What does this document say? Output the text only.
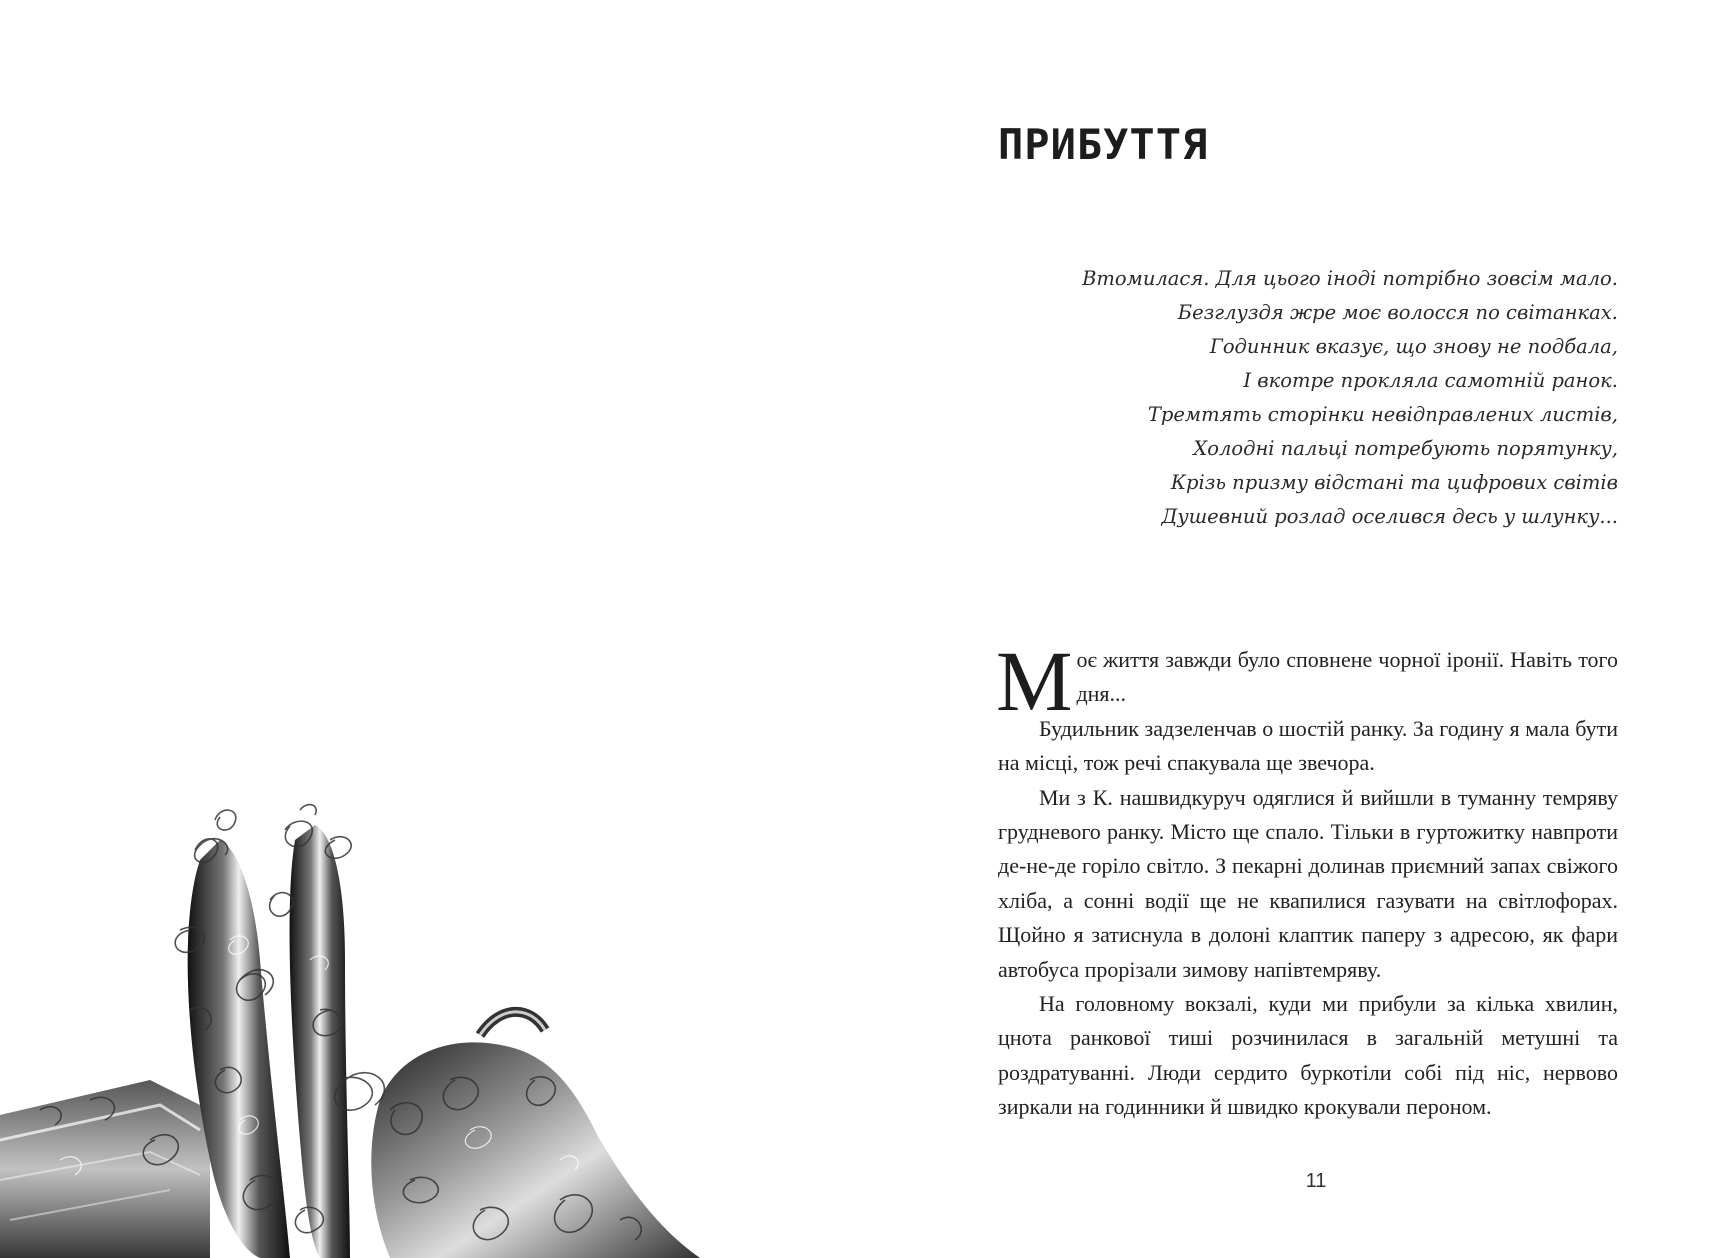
ПРИБУТТЯ
Втомилася. Для цього іноді потрібно зовсім мало.
Безглуздя жре моє волосся по світанках.
Годинник вказує, що знову не подбала,
І вкотре прокляла самотній ранок.
Тремтять сторінки невідправлених листів,
Холодні пальці потребують порятунку,
Крізь призму відстані та цифрових світів
Душевний розлад оселився десь у шлунку...

Моє життя завжди було сповнене чорної іронії. Навіть того дня...

Будильник задзеленчав о шостій ранку. За годину я мала бути на місці, тож речі спакувала ще звечора.

Ми з К. нашвидкуруч одяглися й вийшли в туманну темряву грудневого ранку. Місто ще спало. Тільки в гуртожитку навпроти де-не-де горіло світло. З пекарні долинав приємний запах свіжого хліба, а сонні водії ще не квапилися газувати на світлофорах. Щойно я затиснула в долоні клаптик паперу з адресою, як фари автобуса прорізали зимову напівтемряву.

На головному вокзалі, куди ми прибули за кілька хвилин, цнота ранкової тиші розчинилася в загальній метушні та роздратуванні. Люди сердито буркотіли собі під ніс, нервово зиркали на годинники й швидко крокували пероном.

11
